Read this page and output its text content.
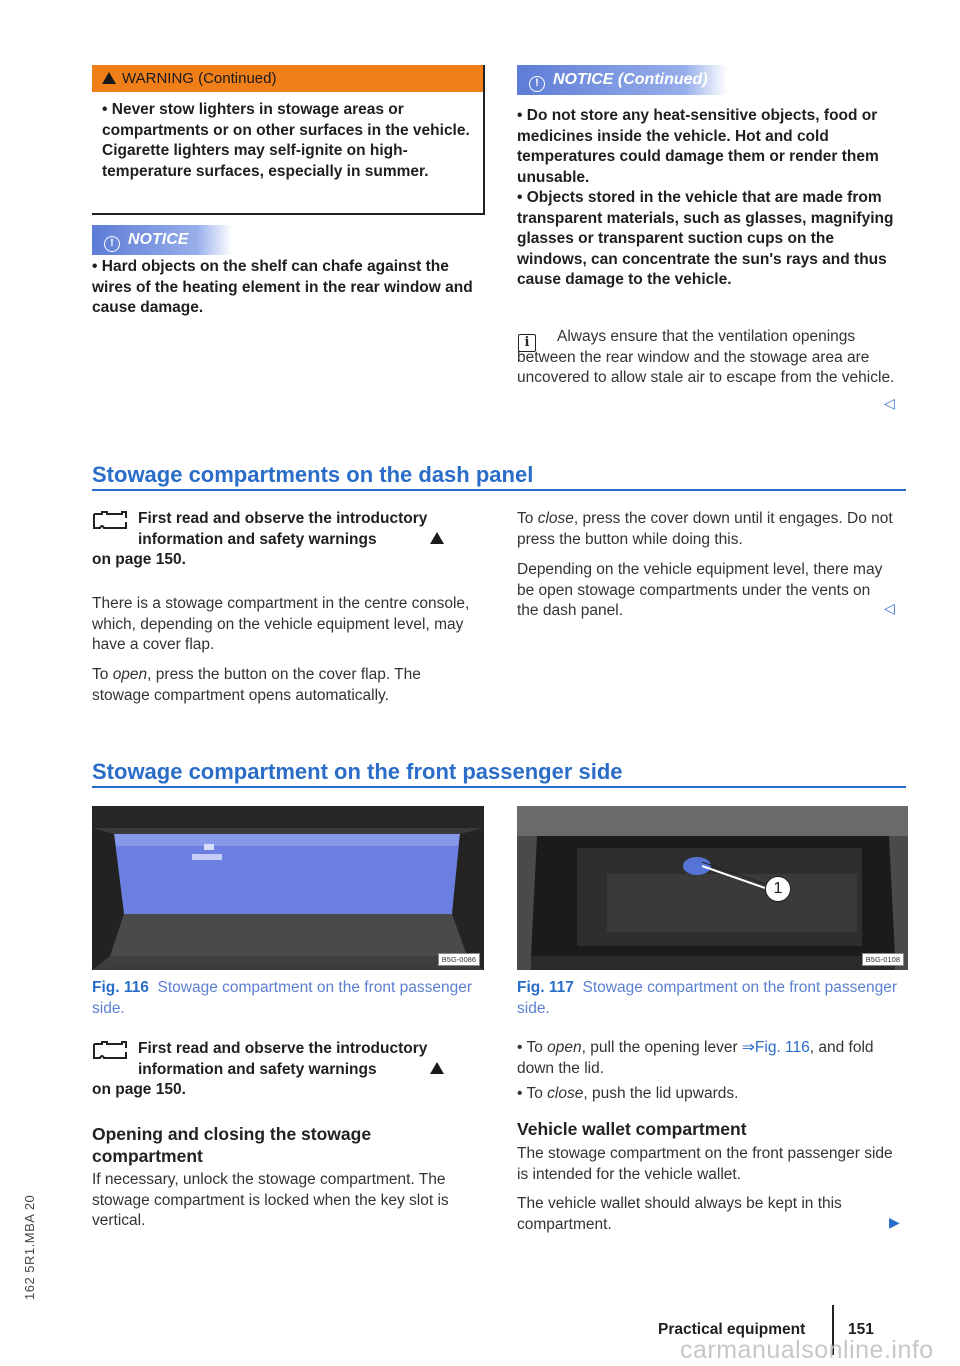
WARNING (Continued)
• Never stow lighters in stowage areas or compartments or on other surfaces in the vehicle. Cigarette lighters may self-ignite on high-temperature surfaces, especially in summer.
! NOTICE
• Hard objects on the shelf can chafe against the wires of the heating element in the rear window and cause damage.
! NOTICE (Continued)
• Do not store any heat-sensitive objects, food or medicines inside the vehicle. Hot and cold temperatures could damage them or render them unusable.
• Objects stored in the vehicle that are made from transparent materials, such as glasses, magnifying glasses or transparent suction cups on the windows, can concentrate the sun's rays and thus cause damage to the vehicle.
i	Always ensure that the ventilation openings between the rear window and the stowage area are uncovered to allow stale air to escape from the vehicle.
◁
Stowage compartments on the dash panel
First read and observe the introductory information and safety warnings
on page 150.
There is a stowage compartment in the centre console, which, depending on the vehicle equipment level, may have a cover flap.
To open, press the button on the cover flap. The stowage compartment opens automatically.
To close, press the cover down until it engages. Do not press the button while doing this.
Depending on the vehicle equipment level, there may be open stowage compartments under the vents on the dash panel.	◁
Stowage compartment on the front passenger side
B5G-0086
Fig. 116 Stowage compartment on the front passenger side.
1
B5G-0108
Fig. 117 Stowage compartment on the front passenger side.
First read and observe the introductory information and safety warnings
on page 150.
Opening and closing the stowage compartment
If necessary, unlock the stowage compartment. The stowage compartment is locked when the key slot is vertical.
• To open, pull the opening lever ⇒Fig. 116, and fold down the lid.
• To close, push the lid upwards.
Vehicle wallet compartment
The stowage compartment on the front passenger side is intended for the vehicle wallet.
The vehicle wallet should always be kept in this compartment.	▶
162 5R1.MBA 20
Practical equipment	151
carmanualsonline.info
